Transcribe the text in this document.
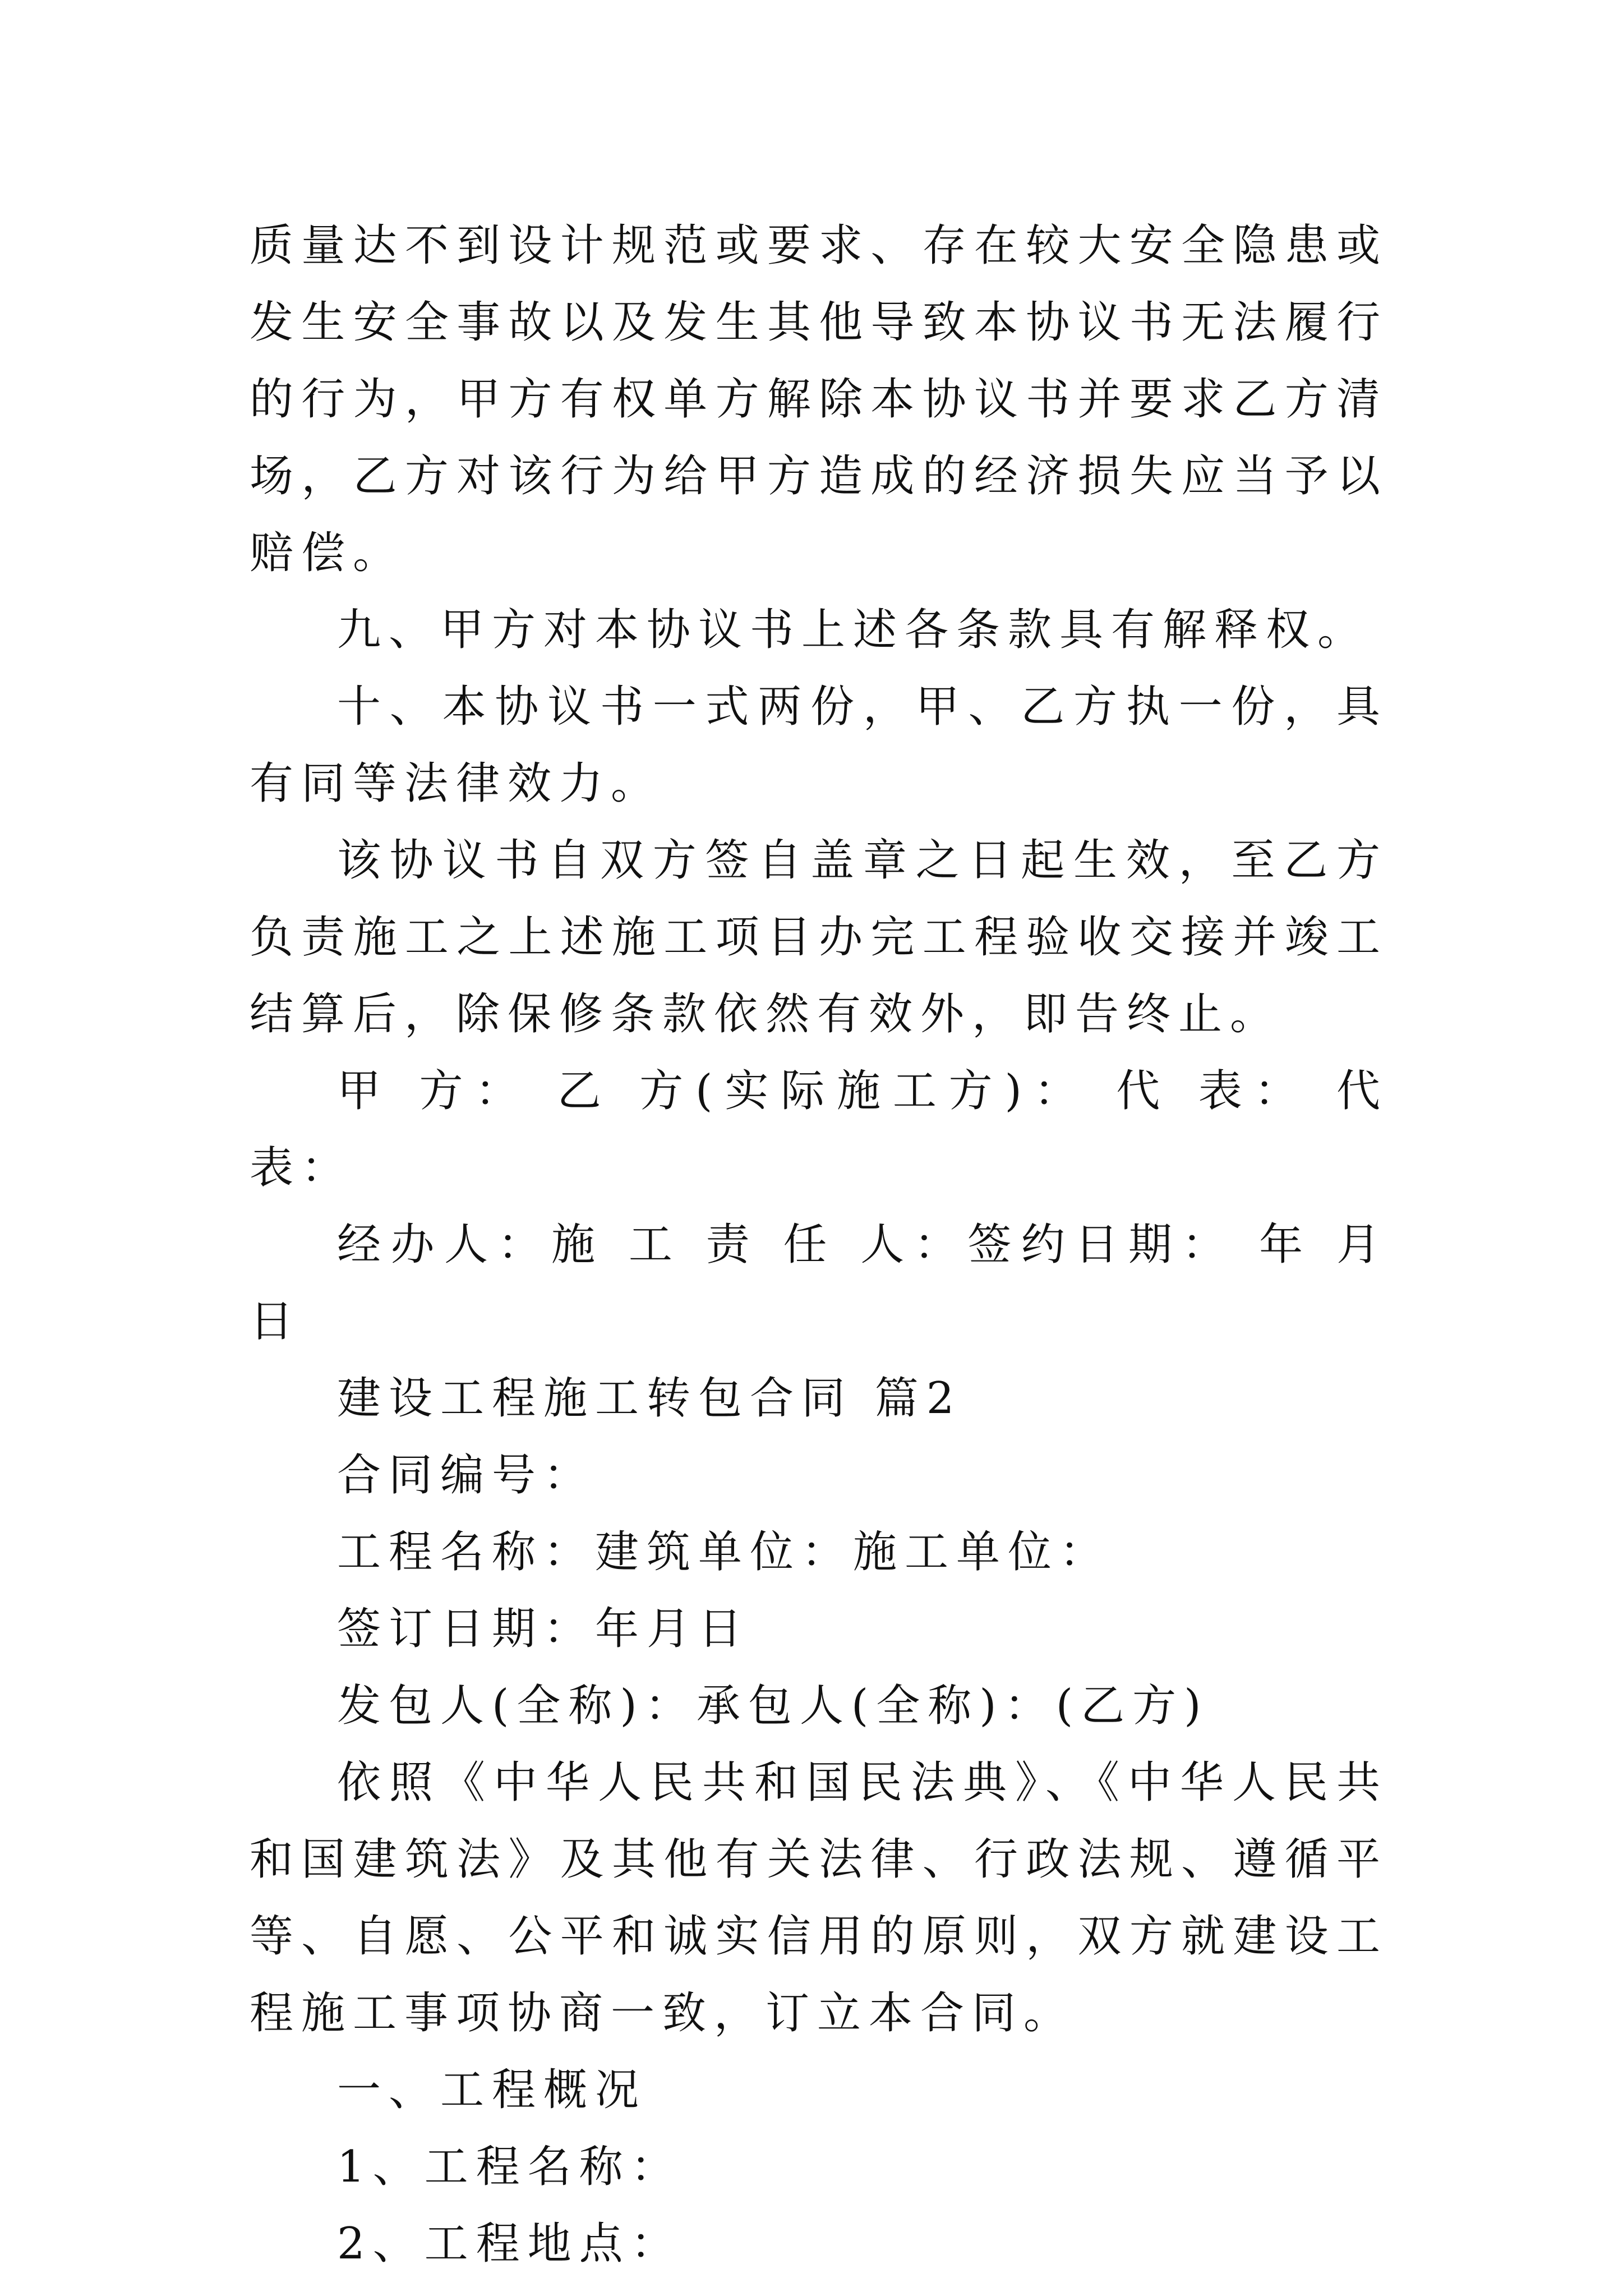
质量达不到设计规范或要求、存在较大安全隐患或发生安全事故以及发生其他导致本协议书无法履行的行为，甲方有权单方解除本协议书并要求乙方清场，乙方对该行为给甲方造成的经济损失应当予以赔偿。

九、甲方对本协议书上述各条款具有解释权。

十、本协议书一式两份，甲、乙方执一份，具有同等法律效力。

该协议书自双方签自盖章之日起生效，至乙方负责施工之上述施工项目办完工程验收交接并竣工结算后，除保修条款依然有效外，即告终止。

甲 方： 乙 方(实际施工方)： 代 表： 代 表：

经办人：施 工 责 任 人：签约日期： 年 月 日

建设工程施工转包合同 篇2

合同编号：

工程名称：建筑单位：施工单位：

签订日期：年月日

发包人(全称)：承包人(全称)：(乙方)

依照《中华人民共和国民法典》、《中华人民共和国建筑法》及其他有关法律、行政法规、遵循平等、自愿、公平和诚实信用的原则，双方就建设工程施工事项协商一致，订立本合同。

一、工程概况

1、工程名称：

2、工程地点：
